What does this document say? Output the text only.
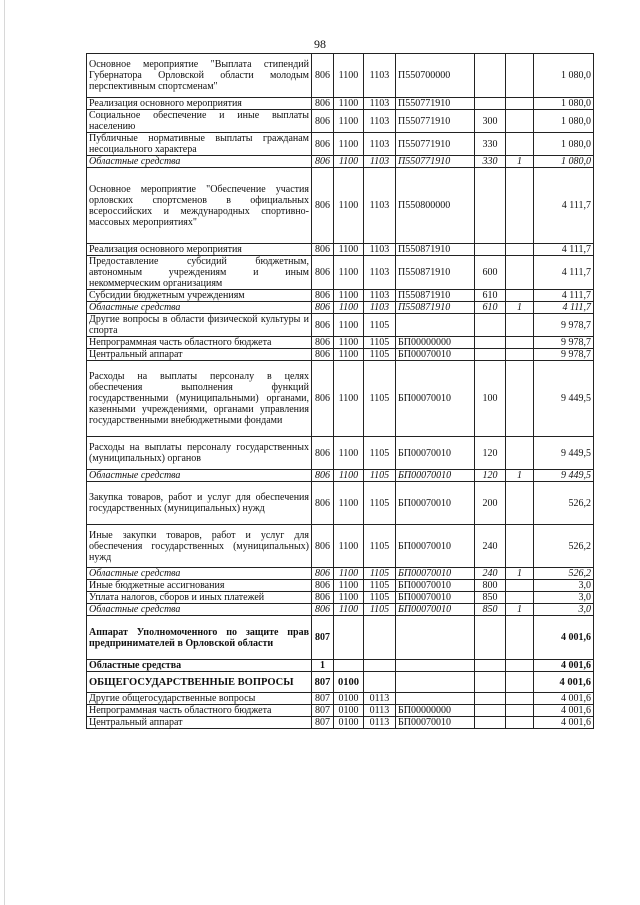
98
Основное мероприятие "Выплата стипендий Губернатора Орловской области молодым перспективным спортсменам"	806	1100	1103	П550700000			1 080,0
Реализация основного мероприятия	806	1100	1103	П550771910			1 080,0
Социальное обеспечение и иные выплаты населению	806	1100	1103	П550771910	300		1 080,0
Публичные нормативные выплаты гражданам несоциального характера	806	1100	1103	П550771910	330		1 080,0
Областные средства	806	1100	1103	П550771910	330	1	1 080,0
Основное мероприятие "Обеспечение участия орловских спортсменов в официальных всероссийских и международных спортивно-массовых мероприятиях"	806	1100	1103	П550800000			4 111,7
Реализация основного мероприятия	806	1100	1103	П550871910			4 111,7
Предоставление субсидий бюджетным, автономным учреждениям и иным некоммерческим организациям	806	1100	1103	П550871910	600		4 111,7
Субсидии бюджетным учреждениям	806	1100	1103	П550871910	610		4 111,7
Областные средства	806	1100	1103	П550871910	610	1	4 111,7
Другие вопросы в области физической культуры и спорта	806	1100	1105				9 978,7
Непрограммная часть областного бюджета	806	1100	1105	БП00000000			9 978,7
Центральный аппарат	806	1100	1105	БП00070010			9 978,7
Расходы на выплаты персоналу в целях обеспечения выполнения функций государственными (муниципальными) органами, казенными учреждениями, органами управления государственными внебюджетными фондами	806	1100	1105	БП00070010	100		9 449,5
Расходы на выплаты персоналу государственных (муниципальных) органов	806	1100	1105	БП00070010	120		9 449,5
Областные средства	806	1100	1105	БП00070010	120	1	9 449,5
Закупка товаров, работ и услуг для обеспечения государственных (муниципальных) нужд	806	1100	1105	БП00070010	200		526,2
Иные закупки товаров, работ и услуг для обеспечения государственных (муниципальных) нужд	806	1100	1105	БП00070010	240		526,2
Областные средства	806	1100	1105	БП00070010	240	1	526,2
Иные бюджетные ассигнования	806	1100	1105	БП00070010	800		3,0
Уплата налогов, сборов и иных платежей	806	1100	1105	БП00070010	850		3,0
Областные средства	806	1100	1105	БП00070010	850	1	3,0
Аппарат Уполномоченного по защите прав предпринимателей в Орловской области	807						4 001,6
Областные средства	1						4 001,6
ОБЩЕГОСУДАРСТВЕННЫЕ ВОПРОСЫ	807	0100					4 001,6
Другие общегосударственные вопросы	807	0100	0113				4 001,6
Непрограммная часть областного бюджета	807	0100	0113	БП00000000			4 001,6
Центральный аппарат	807	0100	0113	БП00070010			4 001,6
